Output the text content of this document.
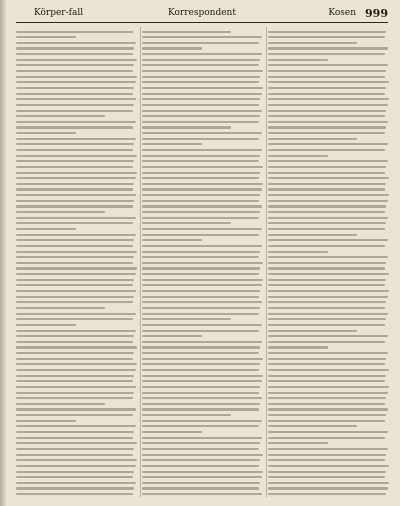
Körper-fall	Korrespondent	Kosen 999
